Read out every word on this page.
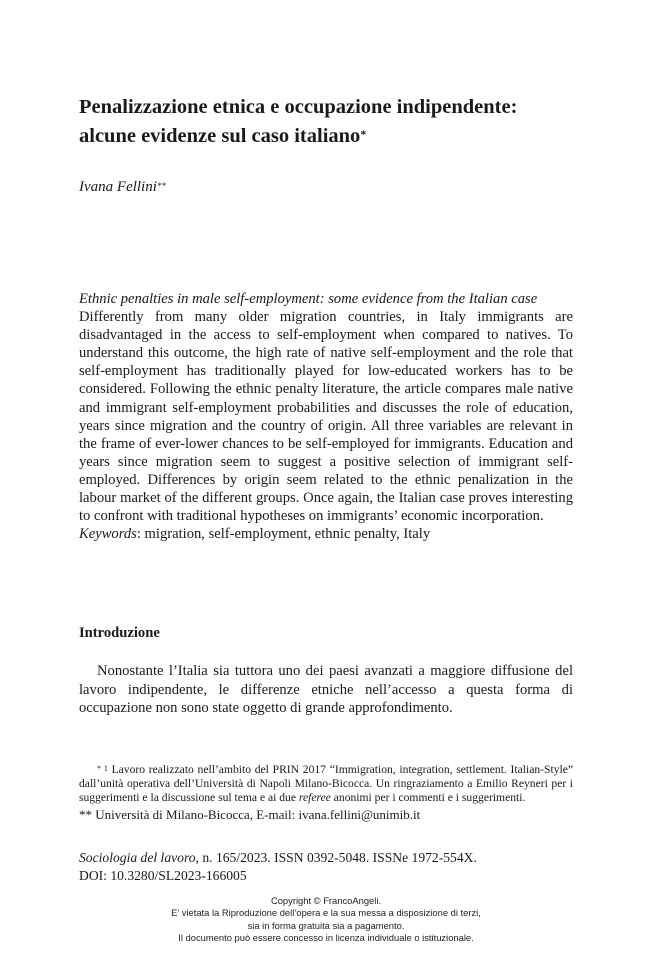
Penalizzazione etnica e occupazione indipendente:
alcune evidenze sul caso italiano*

Ivana Fellini**

Ethnic penalties in male self-employment: some evidence from the Italian case

Differently from many older migration countries, in Italy immigrants are disadvantaged in the access to self-employment when compared to natives. To understand this outcome, the high rate of native self-employment and the role that self-employment has traditionally played for low-educated workers has to be considered. Following the ethnic penalty literature, the article compares male native and immigrant self-employment probabilities and discusses the role of education, years since migration and the country of origin. All three variables are relevant in the frame of ever-lower chances to be self-employed for immigrants. Education and years since migration seem to suggest a positive selection of immigrant self-employed. Differences by origin seem related to the ethnic penalization in the labour market of the different groups. Once again, the Italian case proves interesting to confront with traditional hypotheses on immigrants’ economic incorporation.

Keywords: migration, self-employment, ethnic penalty, Italy

Introduzione

Nonostante l’Italia sia tuttora uno dei paesi avanzati a maggiore diffusione del lavoro indipendente, le differenze etniche nell’accesso a questa forma di occupazione non sono state oggetto di grande approfondimento.

$^{* 1}$ Lavoro realizzato nell’ambito del PRIN 2017 “Immigration, integration, settlement. Italian-Style” dall’unità operativa dell’Università di Napoli Milano-Bicocca. Un ringraziamento a Emilio Reyneri per i suggerimenti e la discussione sul tema e ai due referee anonimi per i commenti e i suggerimenti.

** Università di Milano-Bicocca, E-mail: ivana.fellini@unimib.it

Sociologia del lavoro, n. 165/2023. ISSN 0392-5048. ISSNe 1972-554X.

DOI: 10.3280/SL2023-166005

Copyright © FrancoAngeli.

E’ vietata la Riproduzione dell’opera e la sua messa a disposizione di terzi,

sia in forma gratuita sia a pagamento.

Il documento può essere concesso in licenza individuale o istituzionale.
